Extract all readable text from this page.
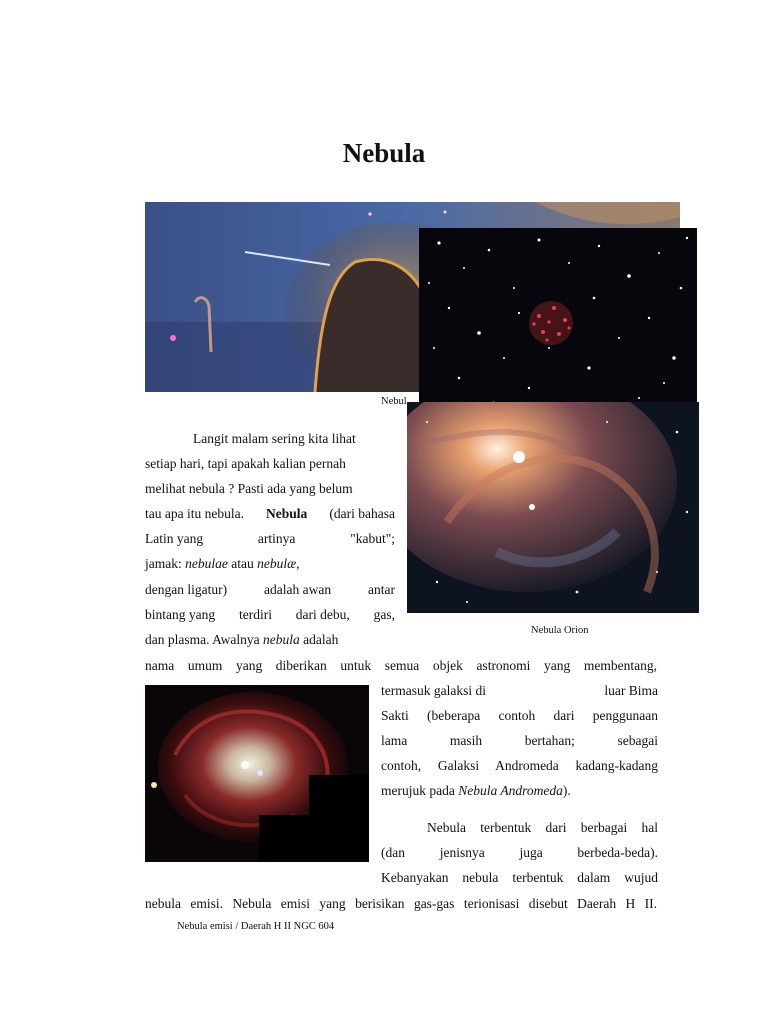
Nebula
Nebul
Nebula Orion
Langit malam sering kita lihat
setiap hari, tapi apakah kalian pernah
melihat nebula ? Pasti ada yang belum
tau apa itu nebula. Nebula (dari bahasa
Latin yang	artinya	"kabut";
jamak: nebulae atau nebulæ,
dengan ligatur)	adalah awan	antar
bintang yang terdiri dari debu, gas,
dan plasma. Awalnya nebula adalah
nama umum yang diberikan untuk semua objek astronomi yang membentang,
termasuk galaksi di	luar Bima
Sakti (beberapa contoh dari penggunaan
lama	masih	bertahan;	sebagai
contoh, Galaksi Andromeda kadang-kadang
merujuk pada Nebula Andromeda).
Nebula terbentuk dari berbagai hal
(dan	jenisnya	juga	berbeda-beda).
Kebanyakan nebula terbentuk dalam wujud
nebula emisi. Nebula emisi yang berisikan gas-gas terionisasi disebut Daerah H II.
Nebula emisi / Daerah H II NGC 604
